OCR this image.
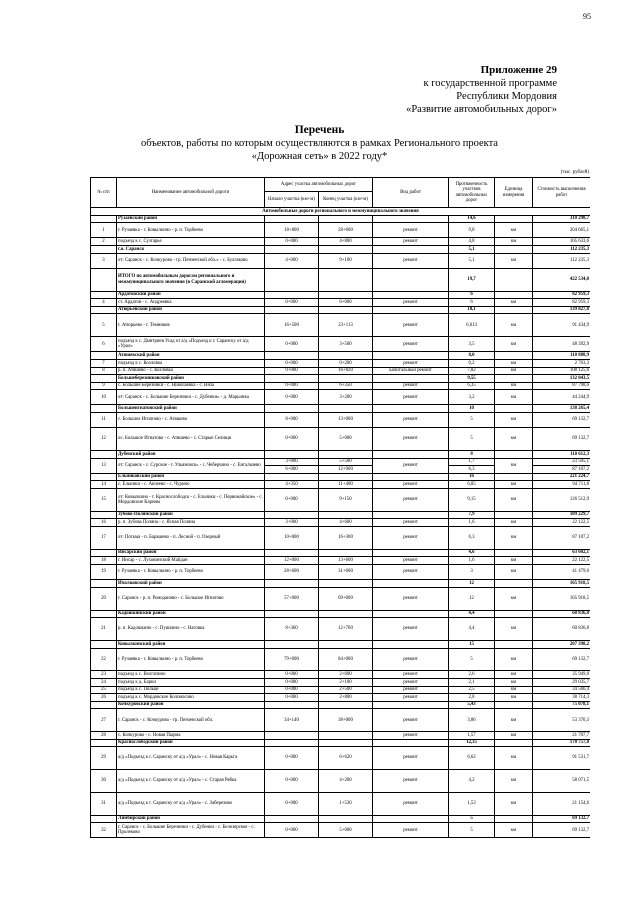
95
Приложение 29
к государственной программе
Республики Мордовия
«Развитие автомобильных дорог»
Перечень
объектов, работы по которым осуществляются в рамках Регионального проекта
«Дорожная сеть» в 2022 году*
(тыс. рублей)
№ п/п	Наименование автомобильной дороги	Адрес участка автомобильных дорог		Вид работ	Протяженность участков автомобильных дорог	Единица измерения	Стоимость выполнения работ
		Начало участка (км+м)	Конец участка (км+м)				
Автомобильные дороги регионального и межмуниципального значения							
	Рузаевский район				14,6		310 298,7
1	г. Рузаевка - г. Ковылкино - р. п. Торбеево	18+800	28+600	ремонт	9,8	км	204 665,1
2	подъезд к с. Сузгарье	0+000	4+800	ремонт	4,8	км	105 633,6
	г.о. Саранск				5,1		112 235,3
3	от: Саранск - с. Кочкурово - гр. Пензенской обл.» - с. Булгаково	4+000	9+100	ремонт	5,1	км	112 235,3
	ИТОГО по автомобильным дорогам регионального и межмуниципального значения (в Саранской агломерации)				19,7		422 534,0
	Ардатовский район				6		82 959,3
4	ст. Ардатов - с. Андреевка	0+000	6+000	ремонт	6	км	82 959,3
	Атюрьевский район				10,1		139 827,8
5	г. Атюрьево - г. Темников	16+500	23+113	ремонт	6,613	км	91 434,9
6	подъезд к с. Дмитриев Усад от а/д «Подъезд к г. Саранску от а/д «Урал»	0+000	3+500	ремонт	3,5	км	48 392,9
	Атяшевский район				8,0		110 888,9
7	подъезд к с. Козловка	0+000	0+200	ремонт	0,2	км	2 763,3
8	р. п. Атяшево - с. Козловка	9+000	16+820	капитальный ремонт	7,82	км	108 125,6
	Большеберезниковский район				9,55		132 043,5
9	с. Большие Березники - с. Николаевка - с. Низа	0+000	6+350	ремонт	6,35	км	87 798,6
10	от: Саранск - с. Большие Березники - с. Дубенки» - д. Марьинка	0+000	3+200	ремонт	3,2	км	44 244,9
	Большеигнатовский район				10		138 265,4
11	с. Большое Игнатово - с. Атяшево	8+000	13+000	ремонт	5	км	69 132,7
12	ос. Большое Игнатово - с. Атяшево - с. Старые Селищи	0+000	5+000	ремонт	5	км	69 132,7
	Дубенский район				8		110 612,3
13	от: Саранск - с. Сурское - г. Ульяновск» - с. Чеберчино - с. Енгальчево	3+800	5+500	ремонт	1,7	км	23 505,1
		6+000	12+900		6,3		87 107,2
	Ельниковский район				16		221 224,7
14	с. Ельники - с. Акчеево - с. Чурино	4+350	11+400	ремонт	6,85	км	94 711,8
15	от: Ковылкино - г. Краснослободск - с. Ельники - с. Первомайское» - с. Мордовские Карины	0+000	9+150	ремонт	9,15	км	126 512,9
	Зубово-Полянский район				7,9		109 229,7
16	р. п. Зубова Поляна - с. Ясная Поляна	3+000	4+600	ремонт	1,6	км	22 122,5
17	от: Потьма - п. Барашево - п. Лесной - п. Озерный	10+000	16+300	ремонт	6,3	км	87 107,2
	Инсарский район				4,6		63 602,1
18	г. Инсар - с. Луховинский Майдан	12+000	13+600	ремонт	1,6	км	22 122,5
19	г. Рузаевка - г. Ковылкино - р. п. Торбеево	28+600	31+600	ремонт	3	км	41 479,6
	Ичалковский район				12		165 918,5
20	г. Саранск - р. п. Ромоданово - с. Большое Игнатово	57+000	69+000	ремонт	12	км	165 918,5
	Кадошкинский район				4,4		60 836,8
21	р. п. Кадошкино - с. Пушкино - с. Наговка	8+360	12+760	ремонт	4,4	км	60 836,8
	Ковылкинский район				15		207 398,2
22	г. Рузаевка - г. Ковылкино - р. п. Торбеево	79+000	84+000	ремонт	5	км	69 132,7
23	подъезд к с. Волгапино	0+000	2+600	ремонт	2,6	км	35 949,0
24	подъезд к д. Барки	0+000	2+100	ремонт	2,1	км	29 035,7
25	подъезд к с. Польце	0+000	2+500	ремонт	2,5	км	34 566,4
26	подъезд к с. Мордовское Коломасово	0+000	2+800	ремонт	2,8	км	38 714,3
	Кочкуровский район				5,43		75 078,1
27	г. Саранск - с. Кочкурово - гр. Пензенской обл.	34+140	38+000	ремонт	3,86	км	53 370,3
28	с. Кочкурово - с. Новая Пырма			ремонт	1,57	км	21 707,7
	Краснослободский район				12,35		170 757,8
29	а/д «Подъезд к г. Саранску от а/д «Урал» - с. Новая Карьга	0+000	6+620	ремонт	6,62	км	91 531,7
30	а/д «Подъезд к г. Саранску от а/д «Урал» - с. Старая Рябка	0+000	4+200	ремонт	4,2	км	58 071,5
31	а/д «Подъезд к г. Саранску от а/д «Урал» - с. Заберезово	0+000	1+530	ремонт	1,53	км	21 154,6
	Лямбирский район				5		69 132,7
32	г. Саранск - с. Большие Березники - с. Дубенки - с. Белозерское - с. Пролеково	0+000	5+000	ремонт	5	км	69 132,7
